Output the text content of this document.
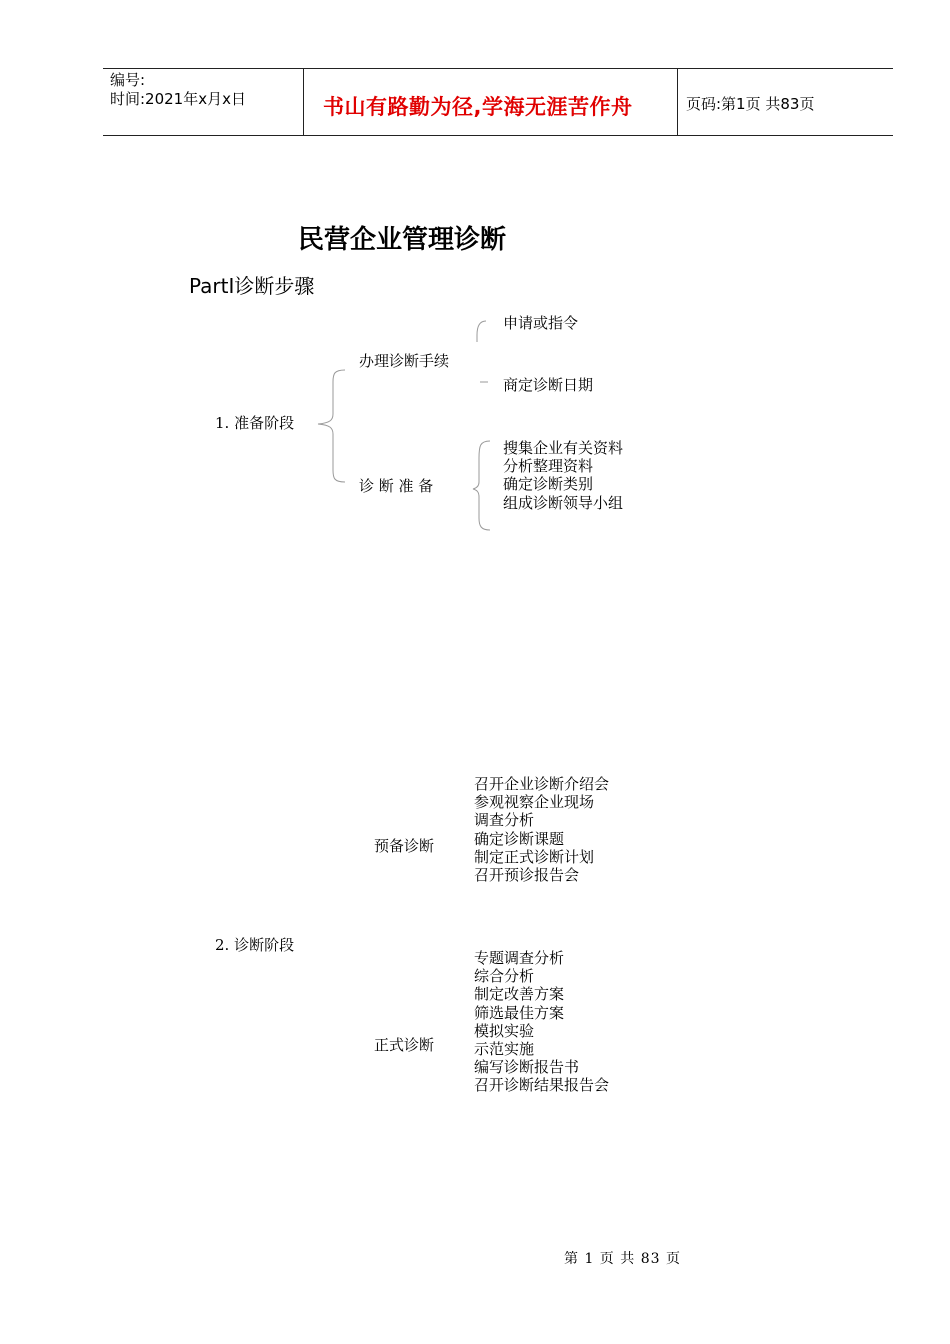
编号:
时间:2021年x月x日	书山有路勤为径,学海无涯苦作舟	页码:第1页 共83页
民营企业管理诊断
PartⅠ诊断步骤
1. 准备阶段
办理诊断手续
申请或指令
商定诊断日期
诊 断 准 备
搜集企业有关资料
分析整理资料
确定诊断类别
组成诊断领导小组
2. 诊断阶段
预备诊断
召开企业诊断介绍会
参观视察企业现场
调查分析
确定诊断课题
制定正式诊断计划
召开预诊报告会
正式诊断
专题调查分析
综合分析
制定改善方案
筛选最佳方案
模拟实验
示范实施
编写诊断报告书
召开诊断结果报告会
第 1 页 共 83 页
